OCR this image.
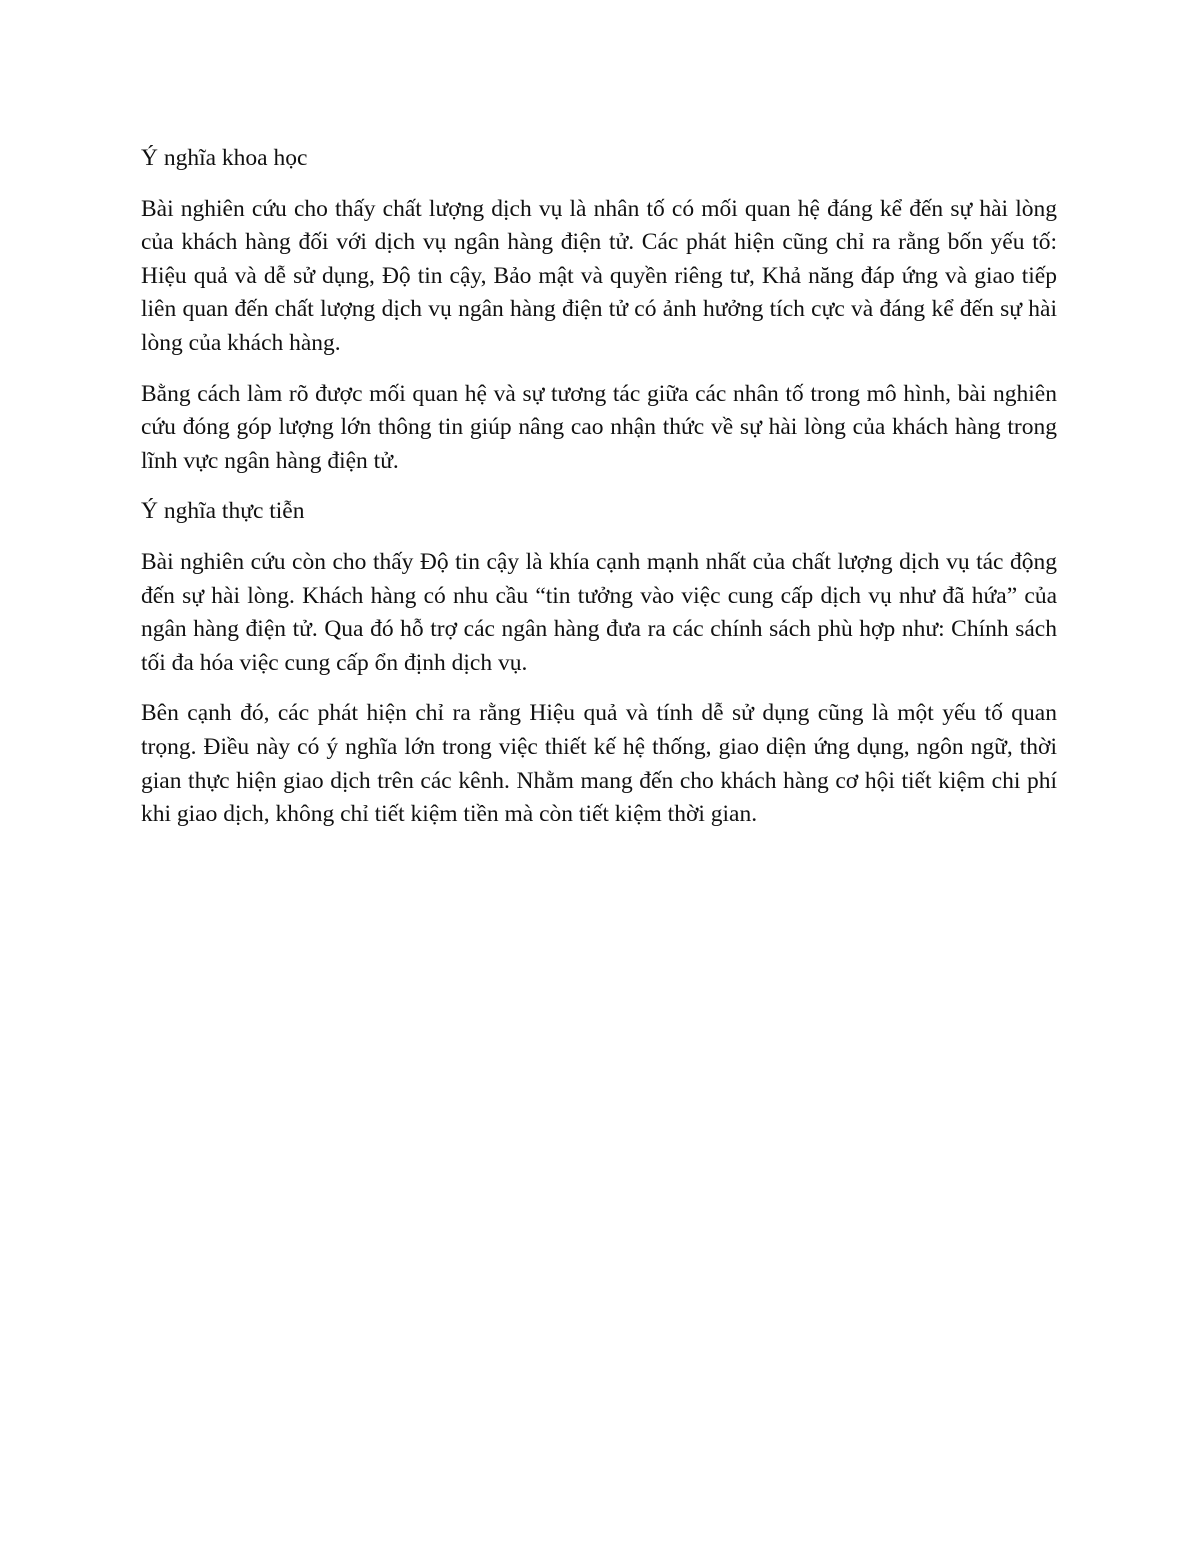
Ý nghĩa khoa học

Bài nghiên cứu cho thấy chất lượng dịch vụ là nhân tố có mối quan hệ đáng kể đến sự hài lòng của khách hàng đối với dịch vụ ngân hàng điện tử. Các phát hiện cũng chỉ ra rằng bốn yếu tố: Hiệu quả và dễ sử dụng, Độ tin cậy, Bảo mật và quyền riêng tư, Khả năng đáp ứng và giao tiếp liên quan đến chất lượng dịch vụ ngân hàng điện tử có ảnh hưởng tích cực và đáng kể đến sự hài lòng của khách hàng.

Bằng cách làm rõ được mối quan hệ và sự tương tác giữa các nhân tố trong mô hình, bài nghiên cứu đóng góp lượng lớn thông tin giúp nâng cao nhận thức về sự hài lòng của khách hàng trong lĩnh vực ngân hàng điện tử.

Ý nghĩa thực tiễn

Bài nghiên cứu còn cho thấy Độ tin cậy là khía cạnh mạnh nhất của chất lượng dịch vụ tác động đến sự hài lòng. Khách hàng có nhu cầu “tin tưởng vào việc cung cấp dịch vụ như đã hứa” của ngân hàng điện tử. Qua đó hỗ trợ các ngân hàng đưa ra các chính sách phù hợp như: Chính sách tối đa hóa việc cung cấp ổn định dịch vụ.

Bên cạnh đó, các phát hiện chỉ ra rằng Hiệu quả và tính dễ sử dụng cũng là một yếu tố quan trọng. Điều này có ý nghĩa lớn trong việc thiết kế hệ thống, giao diện ứng dụng, ngôn ngữ, thời gian thực hiện giao dịch trên các kênh. Nhằm mang đến cho khách hàng cơ hội tiết kiệm chi phí khi giao dịch, không chỉ tiết kiệm tiền mà còn tiết kiệm thời gian.
